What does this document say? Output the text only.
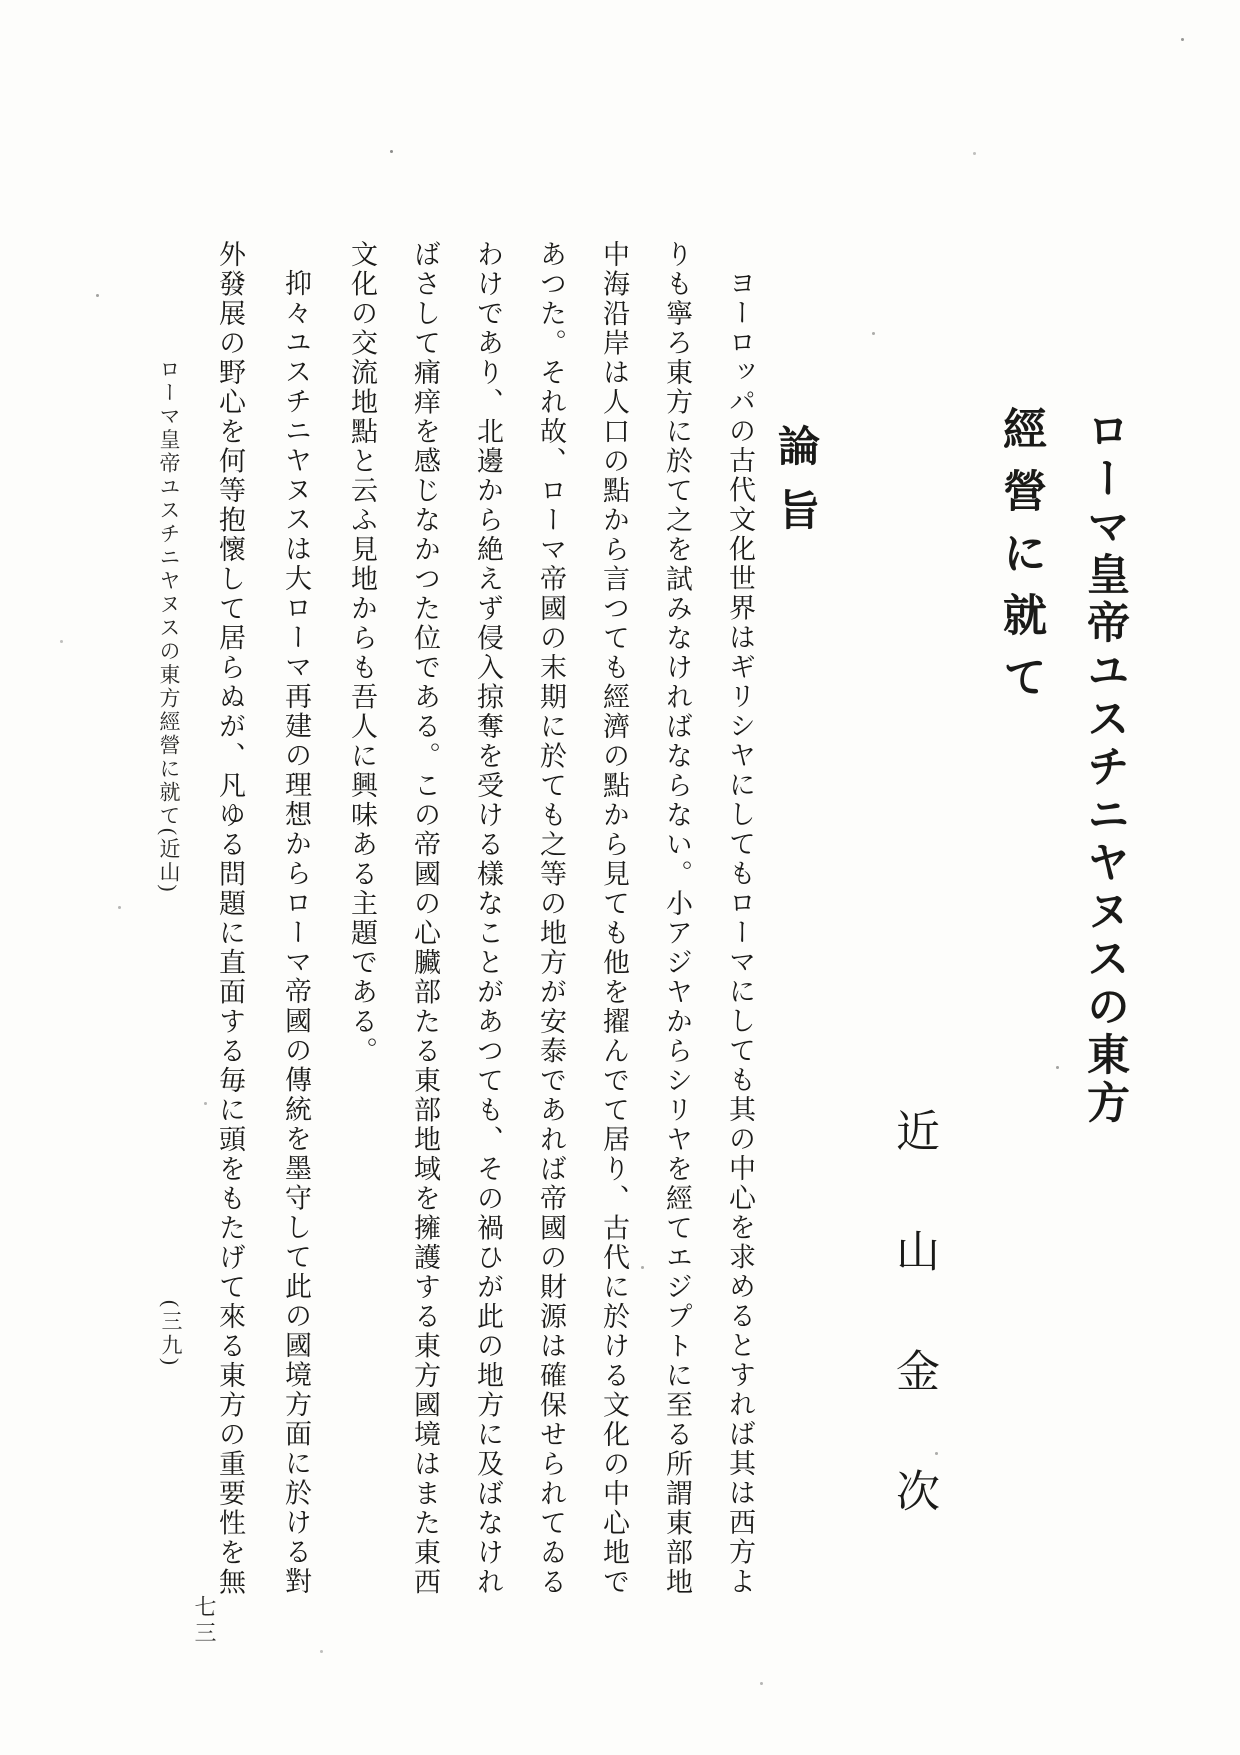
ローマ皇帝ユスチニヤヌスの東方
經營に就て
近山金次
論旨
ヨーロッパの古代文化世界はギリシヤにしてもローマにしても其の中心を求めるとすれば其は西方よ
りも寧ろ東方に於て之を試みなければならない。小アジヤからシリヤを經てエジプトに至る所謂東部地
中海沿岸は人口の點から言つても經濟の點から見ても他を擢んでて居り、古代に於ける文化の中心地で
あつた。それ故、ローマ帝國の末期に於ても之等の地方が安泰であれば帝國の財源は確保せられてゐる
わけであり、北邊から絶えず侵入掠奪を受ける樣なことがあつても、その禍ひが此の地方に及ばなけれ
ばさして痛痒を感じなかつた位である。この帝國の心臟部たる東部地域を擁護する東方國境はまた東西
文化の交流地點と云ふ見地からも吾人に興味ある主題である。
抑々ユスチニヤヌスは大ローマ再建の理想からローマ帝國の傳統を墨守して此の國境方面に於ける對
外發展の野心を何等抱懷して居らぬが、凡ゆる問題に直面する毎に頭をもたげて來る東方の重要性を無
ローマ皇帝ユスチニヤヌスの東方經營に就て(近山)
(三九)
七三
